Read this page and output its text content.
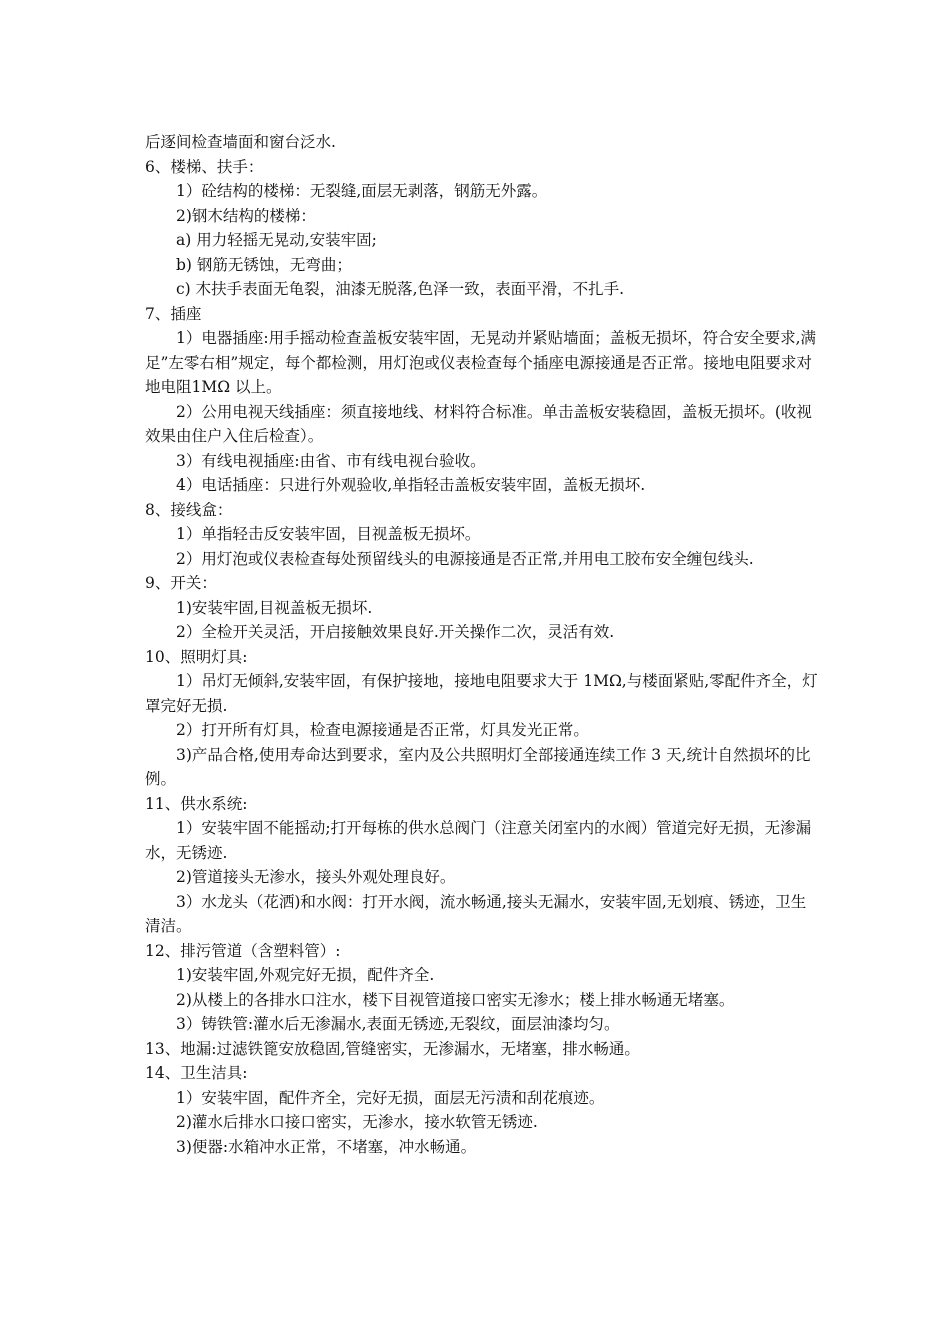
后逐间检查墙面和窗台泛水.

6、楼梯、扶手：

1）砼结构的楼梯：无裂缝,面层无剥落，钢筋无外露。

2)钢木结构的楼梯：

a) 用力轻摇无晃动,安装牢固;

b) 钢筋无锈蚀，无弯曲；

c) 木扶手表面无龟裂，油漆无脱落,色泽一致，表面平滑，不扎手.

7、插座

1）电器插座:用手摇动检查盖板安装牢固，无晃动并紧贴墙面；盖板无损坏，符合安全要求,满足”左零右相”规定，每个都检测，用灯泡或仪表检查每个插座电源接通是否正常。接地电阻要求对地电阻1MΩ 以上。

2）公用电视天线插座：须直接地线、材料符合标准。单击盖板安装稳固，盖板无损坏。(收视效果由住户入住后检查）。

3）有线电视插座:由省、市有线电视台验收。

4）电话插座：只进行外观验收,单指轻击盖板安装牢固，盖板无损坏.

8、接线盒：

1）单指轻击反安装牢固，目视盖板无损坏。

2）用灯泡或仪表检查每处预留线头的电源接通是否正常,并用电工胶布安全缠包线头.

9、开关：

1)安装牢固,目视盖板无损坏.

2）全检开关灵活，开启接触效果良好.开关操作二次，灵活有效.

10、照明灯具:

1）吊灯无倾斜,安装牢固，有保护接地，接地电阻要求大于 1MΩ,与楼面紧贴,零配件齐全，灯罩完好无损.

2）打开所有灯具，检查电源接通是否正常，灯具发光正常。

3)产品合格,使用寿命达到要求，室内及公共照明灯全部接通连续工作 3 天,统计自然损坏的比例。

11、供水系统:

1）安装牢固不能摇动;打开每栋的供水总阀门（注意关闭室内的水阀）管道完好无损，无渗漏水，无锈迹.

2)管道接头无渗水，接头外观处理良好。

3）水龙头（花洒)和水阀：打开水阀，流水畅通,接头无漏水，安装牢固,无划痕、锈迹，卫生清洁。

12、排污管道（含塑料管）:

1)安装牢固,外观完好无损，配件齐全.

2)从楼上的各排水口注水，楼下目视管道接口密实无渗水；楼上排水畅通无堵塞。

3）铸铁管:灌水后无渗漏水,表面无锈迹,无裂纹，面层油漆均匀。

13、地漏:过滤铁篦安放稳固,管缝密实，无渗漏水，无堵塞，排水畅通。

14、卫生洁具:

1）安装牢固，配件齐全，完好无损，面层无污渍和刮花痕迹。

2)灌水后排水口接口密实，无渗水，接水软管无锈迹.

3)便器:水箱冲水正常，不堵塞，冲水畅通。
